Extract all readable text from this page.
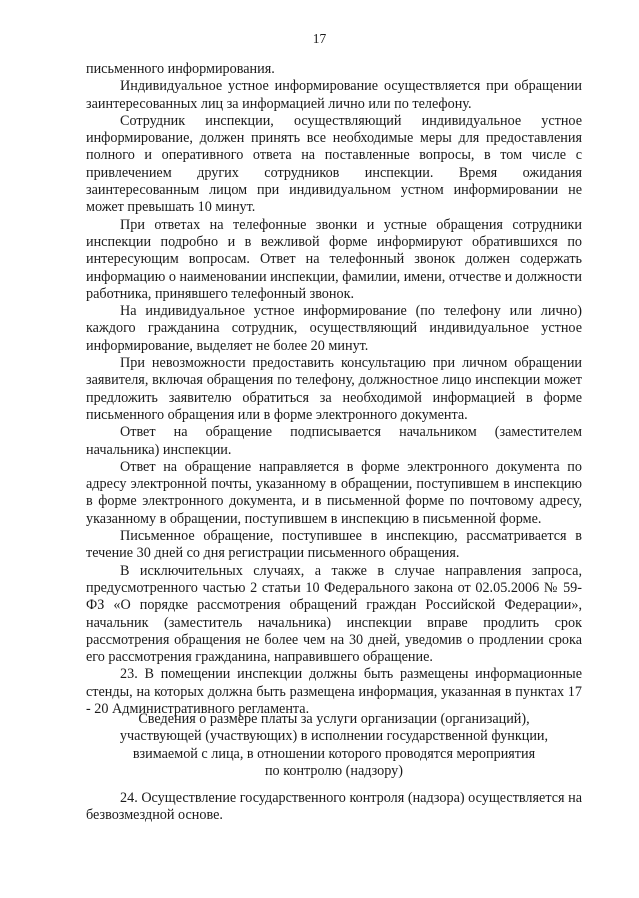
17

письменного информирования.

Индивидуальное устное информирование осуществляется при обращении заинтересованных лиц за информацией лично или по телефону.

Сотрудник инспекции, осуществляющий индивидуальное устное информирование, должен принять все необходимые меры для предоставления полного и оперативного ответа на поставленные вопросы, в том числе с привлечением других сотрудников инспекции. Время ожидания заинтересованным лицом при индивидуальном устном информировании не может превышать 10 минут.

При ответах на телефонные звонки и устные обращения сотрудники инспекции подробно и в вежливой форме информируют обратившихся по интересующим вопросам. Ответ на телефонный звонок должен содержать информацию о наименовании инспекции, фамилии, имени, отчестве и должности работника, принявшего телефонный звонок.

На индивидуальное устное информирование (по телефону или лично) каждого гражданина сотрудник, осуществляющий индивидуальное устное информирование, выделяет не более 20 минут.

При невозможности предоставить консультацию при личном обращении заявителя, включая обращения по телефону, должностное лицо инспекции может предложить заявителю обратиться за необходимой информацией в форме письменного обращения или в форме электронного документа.

Ответ на обращение подписывается начальником (заместителем начальника) инспекции.

Ответ на обращение направляется в форме электронного документа по адресу электронной почты, указанному в обращении, поступившем в инспекцию в форме электронного документа, и в письменной форме по почтовому адресу, указанному в обращении, поступившем в инспекцию в письменной форме.

Письменное обращение, поступившее в инспекцию, рассматривается в течение 30 дней со дня регистрации письменного обращения.

В исключительных случаях, а также в случае направления запроса, предусмотренного частью 2 статьи 10 Федерального закона от 02.05.2006 № 59-ФЗ «О порядке рассмотрения обращений граждан Российской Федерации», начальник (заместитель начальника) инспекции вправе продлить срок рассмотрения обращения не более чем на 30 дней, уведомив о продлении срока его рассмотрения гражданина, направившего обращение.

23. В помещении инспекции должны быть размещены информационные стенды, на которых должна быть размещена информация, указанная в пунктах 17 - 20 Административного регламента.

Сведения о размере платы за услуги организации (организаций),
участвующей (участвующих) в исполнении государственной функции,
взимаемой с лица, в отношении которого проводятся мероприятия
по контролю (надзору)

24. Осуществление государственного контроля (надзора) осуществляется на безвозмездной основе.
